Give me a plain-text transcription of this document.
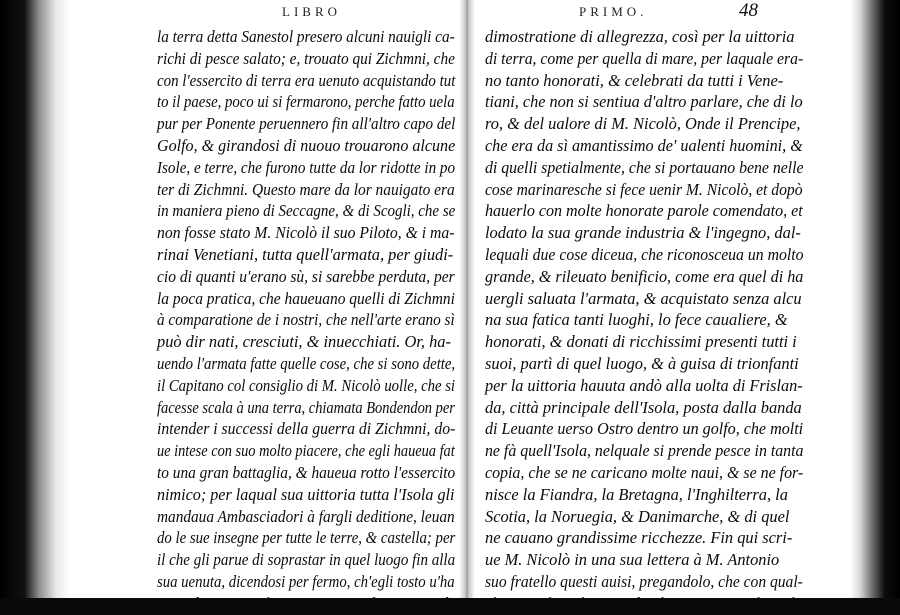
LIBRO
la terra detta Sanestol presero alcuni nauigli ca-
richi di pesce salato; e, trouato qui Zichmni, che
con l'essercito di terra era uenuto acquistando tut
to il paese, poco ui si fermarono, perche fatto uela
pur per Ponente peruennero fin all'altro capo del
Golfo, & girandosi di nuouo trouarono alcune
Isole, e terre, che furono tutte da lor ridotte in po
ter di Zichmni. Questo mare da lor nauigato era
in maniera pieno di Seccagne, & di Scogli, che se
non fosse stato M. Nicolò il suo Piloto, & i ma-
rinai Venetiani, tutta quell'armata, per giudi-
cio di quanti u'erano sù, si sarebbe perduta, per
la poca pratica, che haueuano quelli di Zichmni
à comparatione de i nostri, che nell'arte erano sì
può dir nati, cresciuti, & inuecchiati. Or, ha-
uendo l'armata fatte quelle cose, che si sono dette,
il Capitano col consiglio di M. Nicolò uolle, che si
facesse scala à una terra, chiamata Bondendon per
intender i successi della guerra di Zichmni, do-
ue intese con suo molto piacere, che egli haueua fat
to una gran battaglia, & haueua rotto l'essercito
nimico; per laqual sua uittoria tutta l'Isola gli
mandaua Ambasciadori à fargli deditione, leuan
do le sue insegne per tutte le terre, & castella; per
il che gli parue di soprastar in quel luogo fin alla
sua uenuta, dicendosi per fermo, ch'egli tosto u'ha
ueua da essere. Al suo arriuare si fecero grande
PRIMO.	48
dimostratione di allegrezza, così per la uittoria
di terra, come per quella di mare, per laquale era-
no tanto honorati, & celebrati da tutti i Vene-
tiani, che non si sentiua d'altro parlare, che di lo
ro, & del ualore di M. Nicolò, Onde il Prencipe,
che era da sì amantissimo de' ualenti huomini, &
di quelli spetialmente, che si portauano bene nelle
cose marinaresche si fece uenir M. Nicolò, et dopò
hauerlo con molte honorate parole comendato, et
lodato la sua grande industria & l'ingegno, dal-
lequali due cose diceua, che riconosceua un molto
grande, & rileuato benificio, come era quel di ha
uergli saluata l'armata, & acquistato senza alcu
na sua fatica tanti luoghi, lo fece caualiere, &
honorati, & donati di ricchissimi presenti tutti i
suoi, partì di quel luogo, & à guisa di trionfanti
per la uittoria hauuta andò alla uolta di Frislan-
da, città principale dell'Isola, posta dalla banda
di Leuante uerso Ostro dentro un golfo, che molti
ne fà quell'Isola, nelquale si prende pesce in tanta
copia, che se ne caricano molte naui, & se ne for-
nisce la Fiandra, la Bretagna, l'Inghilterra, la
Scotia, la Noruegia, & Danimarche, & di quel
ne cauano grandissime ricchezze. Fin qui scri-
ue M. Nicolò in una sua lettera à M. Antonio
suo fratello questi auisi, pregandolo, che con qual-
che naue lo uolesse andar à trouare. Perche egli,
